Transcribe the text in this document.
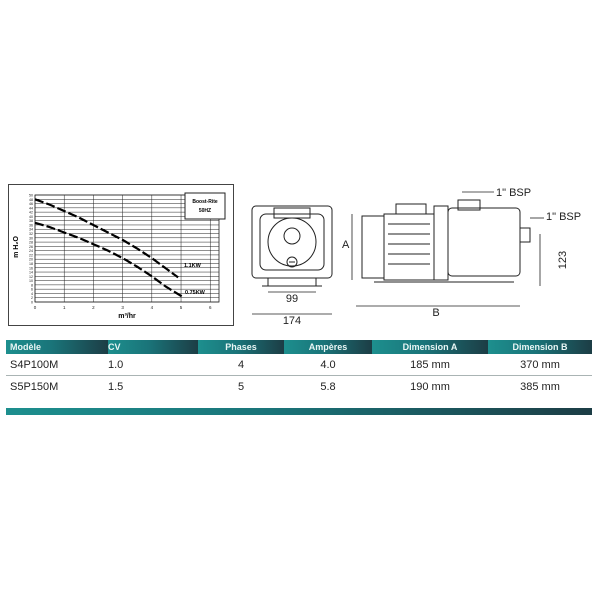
50
48
46
44
42
40
38
36
34
32
30
28
26
24
22
20
18
16
14
12
10
8
6
4
2
0
0	1	2	3	4	5	6
Boost-Rite
50HZ
m H₂O
m³/hr
1.1KW
0.75KW	99
174
A
B
123
1" BSP
1" BSP
Modèle	CV	Phases	Ampères	Dimension A	Dimension B
S4P100M	1.0	4	4.0	185 mm	370 mm
S5P150M	1.5	5	5.8	190 mm	385 mm
